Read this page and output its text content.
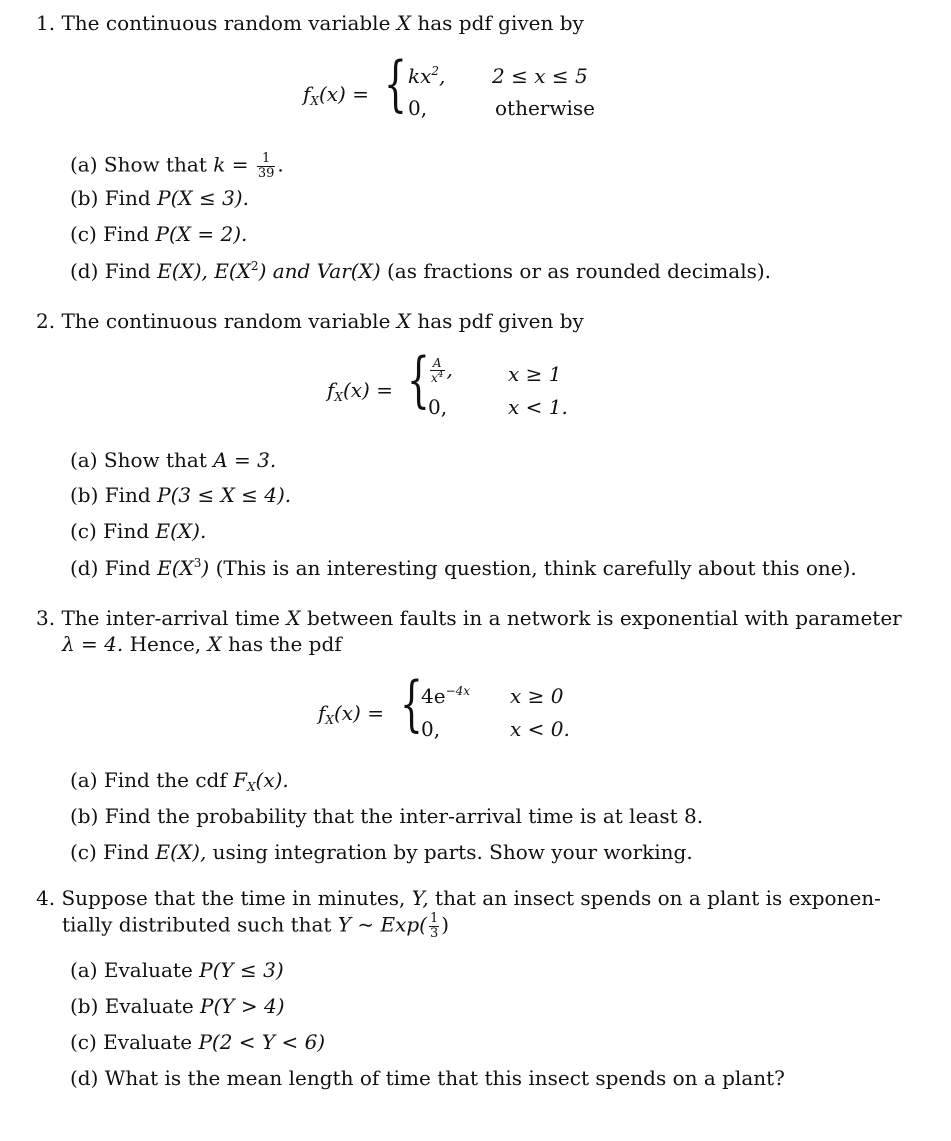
1. The continuous random variable X has pdf given by
$f_X(x)$ = { $kx^2$, 2 ≤ x ≤ 5
0,	otherwise
(a) Show that $k = \frac{1}{39}$ .
(b) Find P(X ≤ 3).
(c) Find P(X = 2).
(d) Find E(X), $E(X^2)$ and Var(X) (as fractions or as rounded decimals).
2. The continuous random variable X has pdf given by
$f_X(x)$ = { $\frac{A}{x^4}$ ,	x ≥ 1
0,	x < 1.
(a) Show that A = 3.
(b) Find P(3 ≤ X ≤ 4).
(c) Find E(X).
(d) Find $E(X^3)$ (This is an interesting question, think carefully about this one).
3. The inter-arrival time X between faults in a network is exponential with parameter
λ = 4. Hence, X has the pdf
$f_X(x)$ = {
$4e^{-4x}$ x ≥ 0
0,	x < 0.
(a) Find the cdf $F_X(x)$.
(b) Find the probability that the inter-arrival time is at least 8.
(c) Find E(X), using integration by parts. Show your working.
4. Suppose that the time in minutes, Y, that an insect spends on a plant is exponen-
tially distributed such that Y ∼ $Exp( \frac{1}{3}$ )
(a) Evaluate P(Y ≤ 3)
(b) Evaluate P(Y > 4)
(c) Evaluate P(2 < Y < 6)
(d) What is the mean length of time that this insect spends on a plant?
